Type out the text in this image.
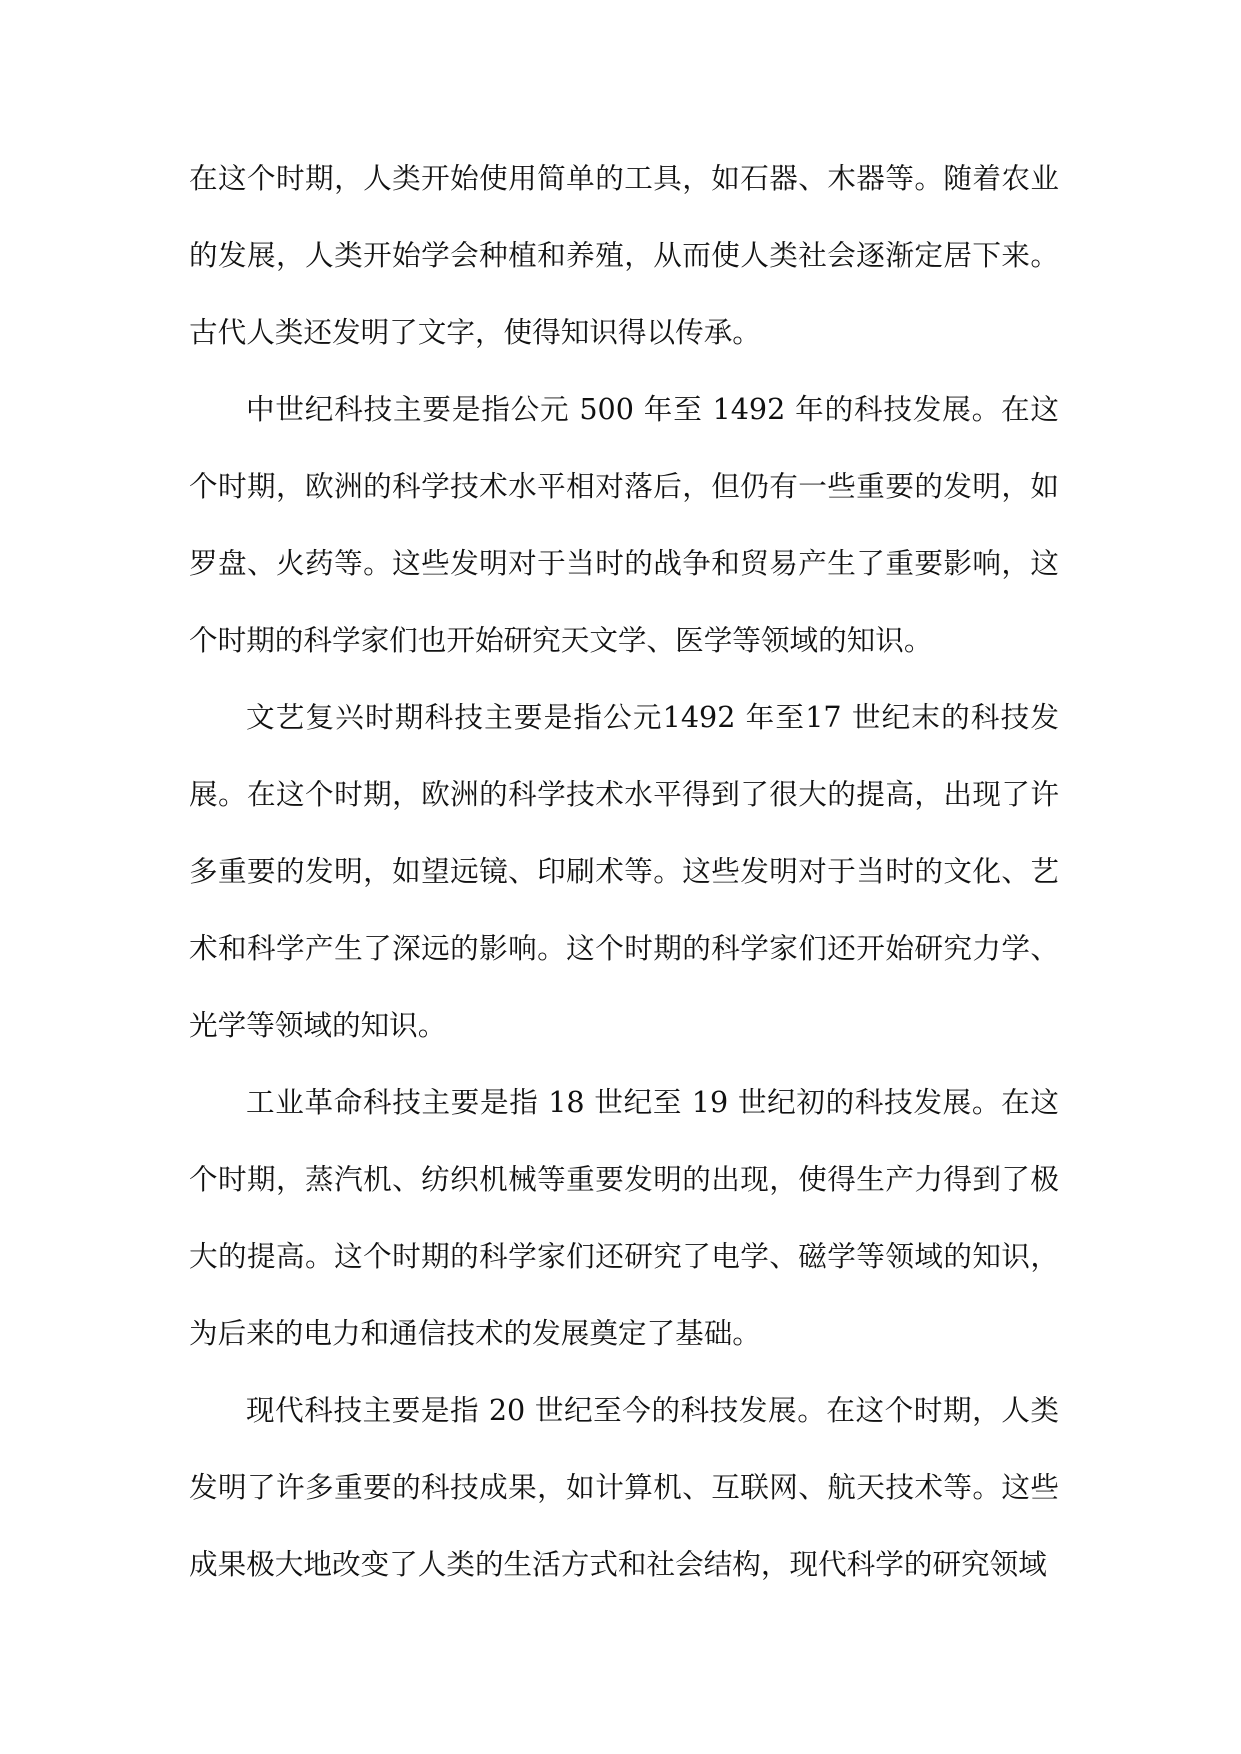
在这个时期，人类开始使用简单的工具，如石器、木器等。随着农业的发展，人类开始学会种植和养殖，从而使人类社会逐渐定居下来。古代人类还发明了文字，使得知识得以传承。

中世纪科技主要是指公元 500 年至 1492 年的科技发展。在这个时期，欧洲的科学技术水平相对落后，但仍有一些重要的发明，如罗盘、火药等。这些发明对于当时的战争和贸易产生了重要影响，这个时期的科学家们也开始研究天文学、医学等领域的知识。

文艺复兴时期科技主要是指公元1492 年至17 世纪末的科技发展。在这个时期，欧洲的科学技术水平得到了很大的提高，出现了许多重要的发明，如望远镜、印刷术等。这些发明对于当时的文化、艺术和科学产生了深远的影响。这个时期的科学家们还开始研究力学、光学等领域的知识。

工业革命科技主要是指 18 世纪至 19 世纪初的科技发展。在这个时期，蒸汽机、纺织机械等重要发明的出现，使得生产力得到了极大的提高。这个时期的科学家们还研究了电学、磁学等领域的知识，为后来的电力和通信技术的发展奠定了基础。

现代科技主要是指 20 世纪至今的科技发展。在这个时期，人类发明了许多重要的科技成果，如计算机、互联网、航天技术等。这些成果极大地改变了人类的生活方式和社会结构，现代科学的研究领域
